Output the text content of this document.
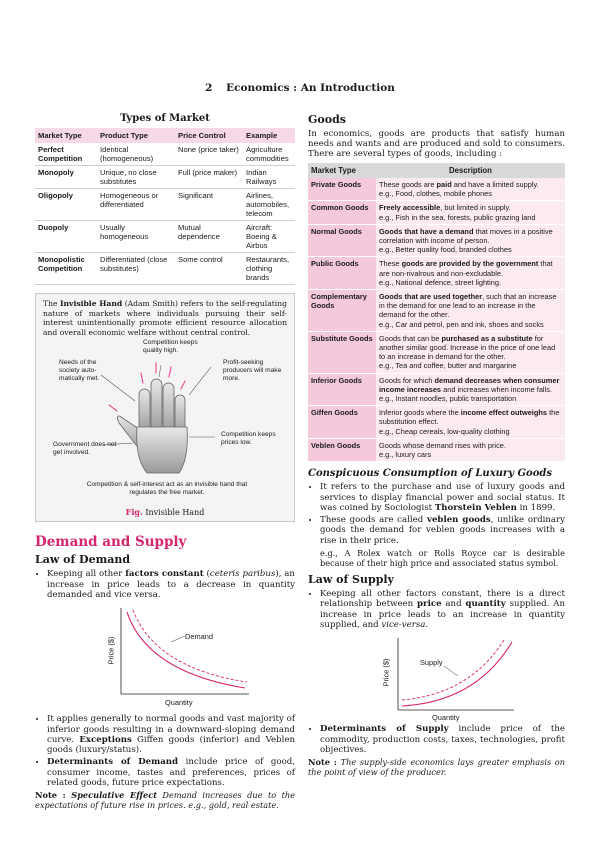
2 Economics : An Introduction
Types of Market
Market Type	Product Type	Price Control	Example
Perfect Competition	Identical (homogeneous)	None (price taker)	Agriculture commodities
Monopoly	Unique, no close substitutes	Full (price maker)	Indian Railways
Oligopoly	Homogeneous or differentiated	Significant	Airlines, automobiles, telecom
Duopoly	Usually homogeneous	Mutual dependence	Aircraft: Boeing & Airbus
Monopolistic Competition	Differentiated (close substitutes)	Some control	Restaurants, clothing brands

The Invisible Hand (Adam Smith) refers to the self-regulating nature of markets where individuals pursuing their self-interest unintentionally promote efficient resource allocation and overall economic welfare without central control.

Needs of the society auto-matically met.
Competition keeps quality high.
Profit-seeking producers will make more.
Government does not get involved.
Competition keeps prices low.
Competition & self-interest act as an invisible hand that regulates the free market.
Fig. Invisible Hand
Demand and Supply
Law of Demand
• Keeping all other factors constant (ceteris paribus), an increase in price leads to a decrease in quantity demanded and vice versa.
Demand
Price ($)
Quantity
• It applies generally to normal goods and vast majority of inferior goods resulting in a downward-sloping demand curve. Exceptions Giffen goods (inferior) and Veblen goods (luxury/status).
• Determinants of Demand include price of good, consumer income, tastes and preferences, prices of related goods, future price expectations.
Note : Speculative Effect Demand increases due to the expectations of future rise in prices. e.g., gold, real estate.
Goods

In economics, goods are products that satisfy human needs and wants and are produced and sold to consumers. There are several types of goods, including :

Market Type	Description
Private Goods	These goods are paid and have a limited supply.
e.g., Food, clothes, mobile phones
Common Goods	Freely accessible, but limited in supply.
e.g., Fish in the sea, forests, public grazing land
Normal Goods	Goods that have a demand that moves in a positive correlation with income of person.
e.g., Better quality food, branded clothes
Public Goods	These goods are provided by the government that are non-rivalrous and non-excludable.
e.g., National defence, street lighting.
Complementary Goods	Goods that are used together, such that an increase in the demand for one lead to an increase in the demand for the other.
e.g., Car and petrol, pen and ink, shoes and socks
Substitute Goods	Goods that can be purchased as a substitute for another similar good. Increase in the price of one lead to an increase in demand for the other.
e.g., Tea and coffee, butter and margarine
Inferior Goods	Goods for which demand decreases when consumer income increases and increases when income falls.
e.g., Instant noodles, public transportation
Giffen Goods	Inferior goods where the income effect outweighs the substitution effect.
e.g., Cheap cereals, low-quality clothing
Veblen Goods	Goods whose demand rises with price.
e.g., luxury cars
Conspicuous Consumption of Luxury Goods
• It refers to the purchase and use of luxury goods and services to display financial power and social status. It was coined by Sociologist Thorstein Veblen in 1899.
• These goods are called veblen goods, unlike ordinary goods the demand for veblen goods increases with a rise in their price.

e.g., A Rolex watch or Rolls Royce car is desirable because of their high price and associated status symbol.

Law of Supply
• Keeping all other factors constant, there is a direct relationship between price and quantity supplied. An increase in price leads to an increase in quantity supplied, and vice-versa.
Supply
Price ($)
Quantity
• Determinants of Supply include price of the commodity, production costs, taxes, technologies, profit objectives.
Note : The supply-side economics lays greater emphasis on the point of view of the producer.
